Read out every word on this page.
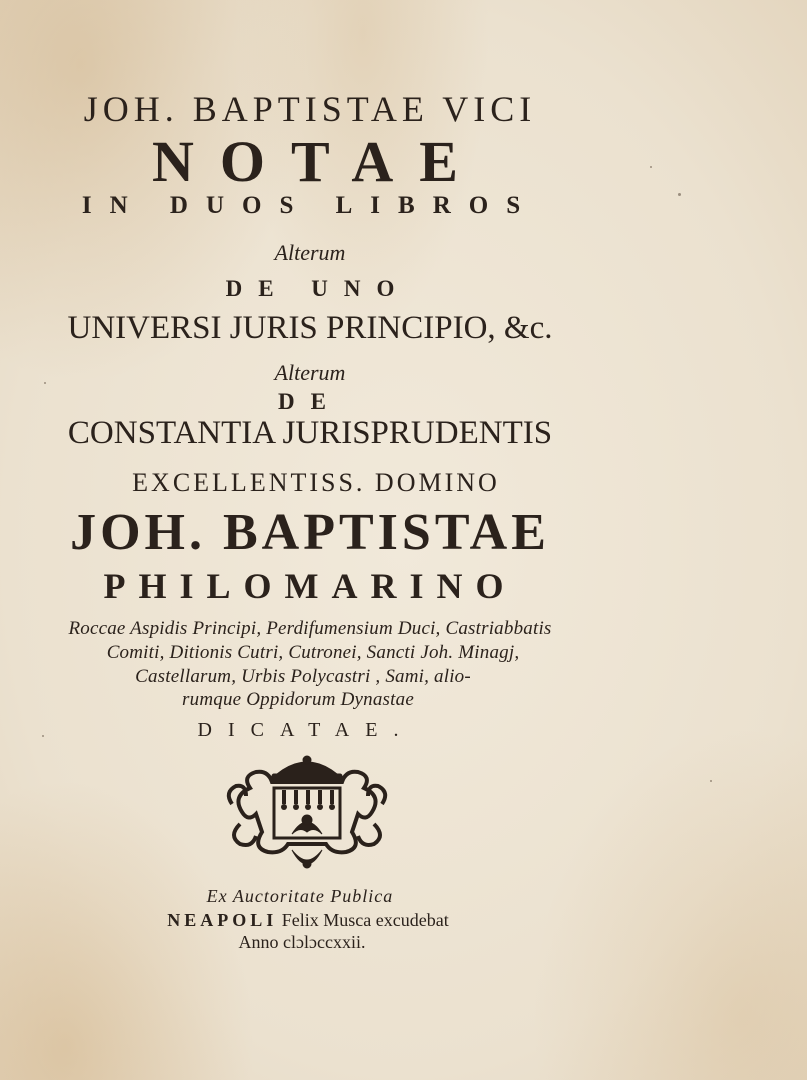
JOH. BAPTISTAE VICI
NOTAE
IN DUOS LIBROS
Alterum
DE UNO
UNIVERSI JURIS PRINCIPIO, &c.
Alterum
DE
CONSTANTIA JURISPRUDENTIS
EXCELLENTISS. DOMINO
JOH. BAPTISTAE
PHILOMARINO
Roccae Aspidis Principi, Perdifumensium Duci, Castriabbatis
Comiti, Ditionis Cutri, Cutronei, Sancti Joh. Minagj,
Castellarum, Urbis Polycastri , Sami, alio-
rumque Oppidorum Dynastae
DICATAE.
Ex Auctoritate Publica
NEAPOLI Felix Musca excudebat
Anno clɔlɔccxxii.
